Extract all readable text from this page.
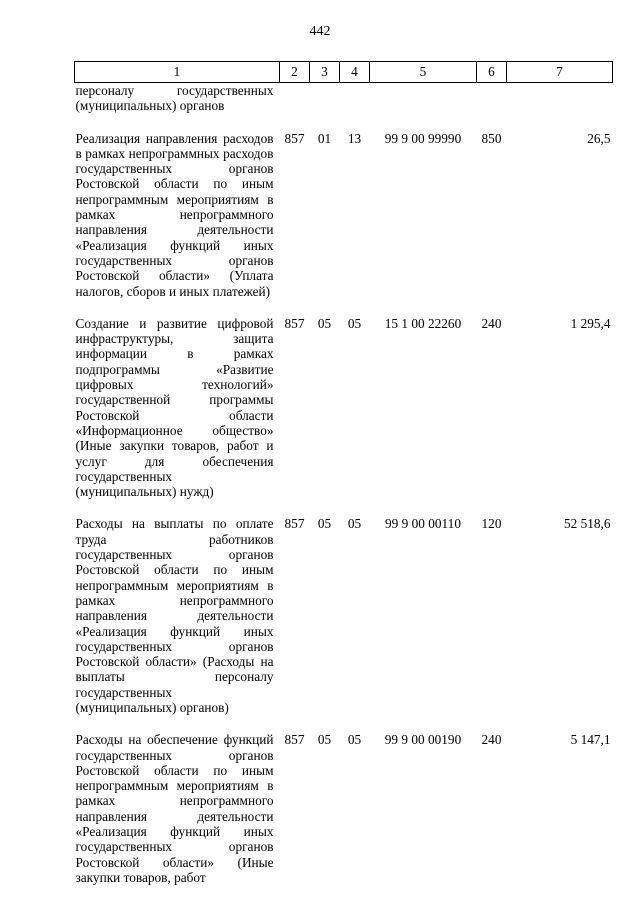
442
1	2	3	4	5	6	7
персоналу государственных (муниципальных) органов						
Реализация направления расходов в рамках непрограммных расходов государственных органов Ростовской области по иным непрограммным мероприятиям в рамках непрограммного направления деятельности «Реализация функций иных государственных органов Ростовской области» (Уплата налогов, сборов и иных платежей)	857	01	13	99 9 00 99990	850	26,5
Создание и развитие цифровой инфраструктуры, защита информации в рамках подпрограммы «Развитие цифровых технологий» государственной программы Ростовской области «Информационное общество» (Иные закупки товаров, работ и услуг для обеспечения государственных (муниципальных) нужд)	857	05	05	15 1 00 22260	240	1 295,4
Расходы на выплаты по оплате труда работников государственных органов Ростовской области по иным непрограммным мероприятиям в рамках непрограммного направления деятельности «Реализация функций иных государственных органов Ростовской области» (Расходы на выплаты персоналу государственных (муниципальных) органов)	857	05	05	99 9 00 00110	120	52 518,6
Расходы на обеспечение функций государственных органов Ростовской области по иным непрограммным мероприятиям в рамках непрограммного направления деятельности «Реализация функций иных государственных органов Ростовской области» (Иные закупки товаров, работ	857	05	05	99 9 00 00190	240	5 147,1
